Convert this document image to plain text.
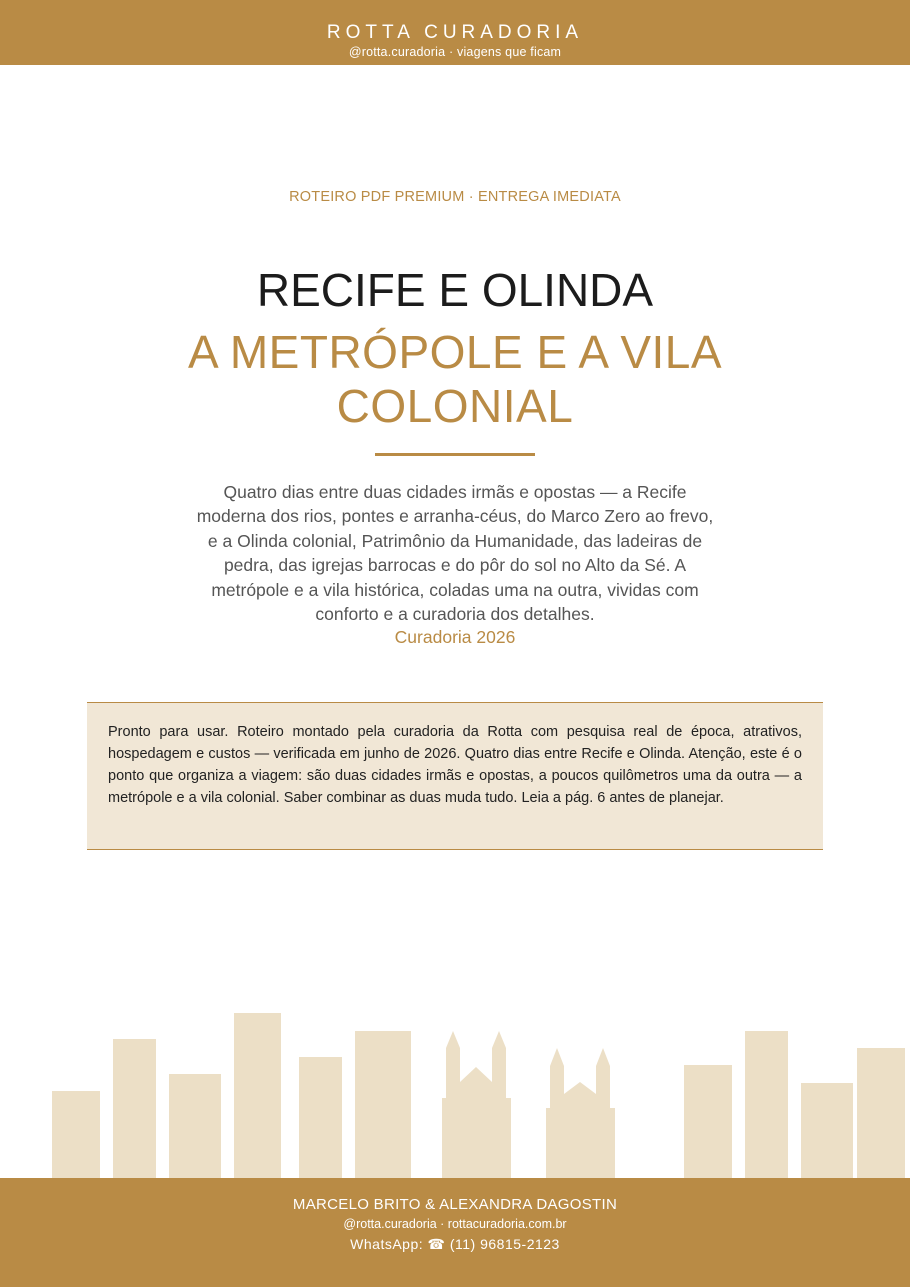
ROTTA CURADORIA
@rotta.curadoria · viagens que ficam
ROTEIRO PDF PREMIUM · ENTREGA IMEDIATA
RECIFE E OLINDA
A METRÓPOLE E A VILA COLONIAL

Quatro dias entre duas cidades irmãs e opostas — a Recife moderna dos rios, pontes e arranha-céus, do Marco Zero ao frevo, e a Olinda colonial, Patrimônio da Humanidade, das ladeiras de pedra, das igrejas barrocas e do pôr do sol no Alto da Sé. A metrópole e a vila histórica, coladas uma na outra, vividas com conforto e a curadoria dos detalhes.

Curadoria 2026

Pronto para usar. Roteiro montado pela curadoria da Rotta com pesquisa real de época, atrativos, hospedagem e custos — verificada em junho de 2026. Quatro dias entre Recife e Olinda. Atenção, este é o ponto que organiza a viagem: são duas cidades irmãs e opostas, a poucos quilômetros uma da outra — a metrópole e a vila colonial. Saber combinar as duas muda tudo. Leia a pág. 6 antes de planejar.

MARCELO BRITO & ALEXANDRA DAGOSTIN
@rotta.curadoria · rottacuradoria.com.br
WhatsApp: ☎ (11) 96815-2123
